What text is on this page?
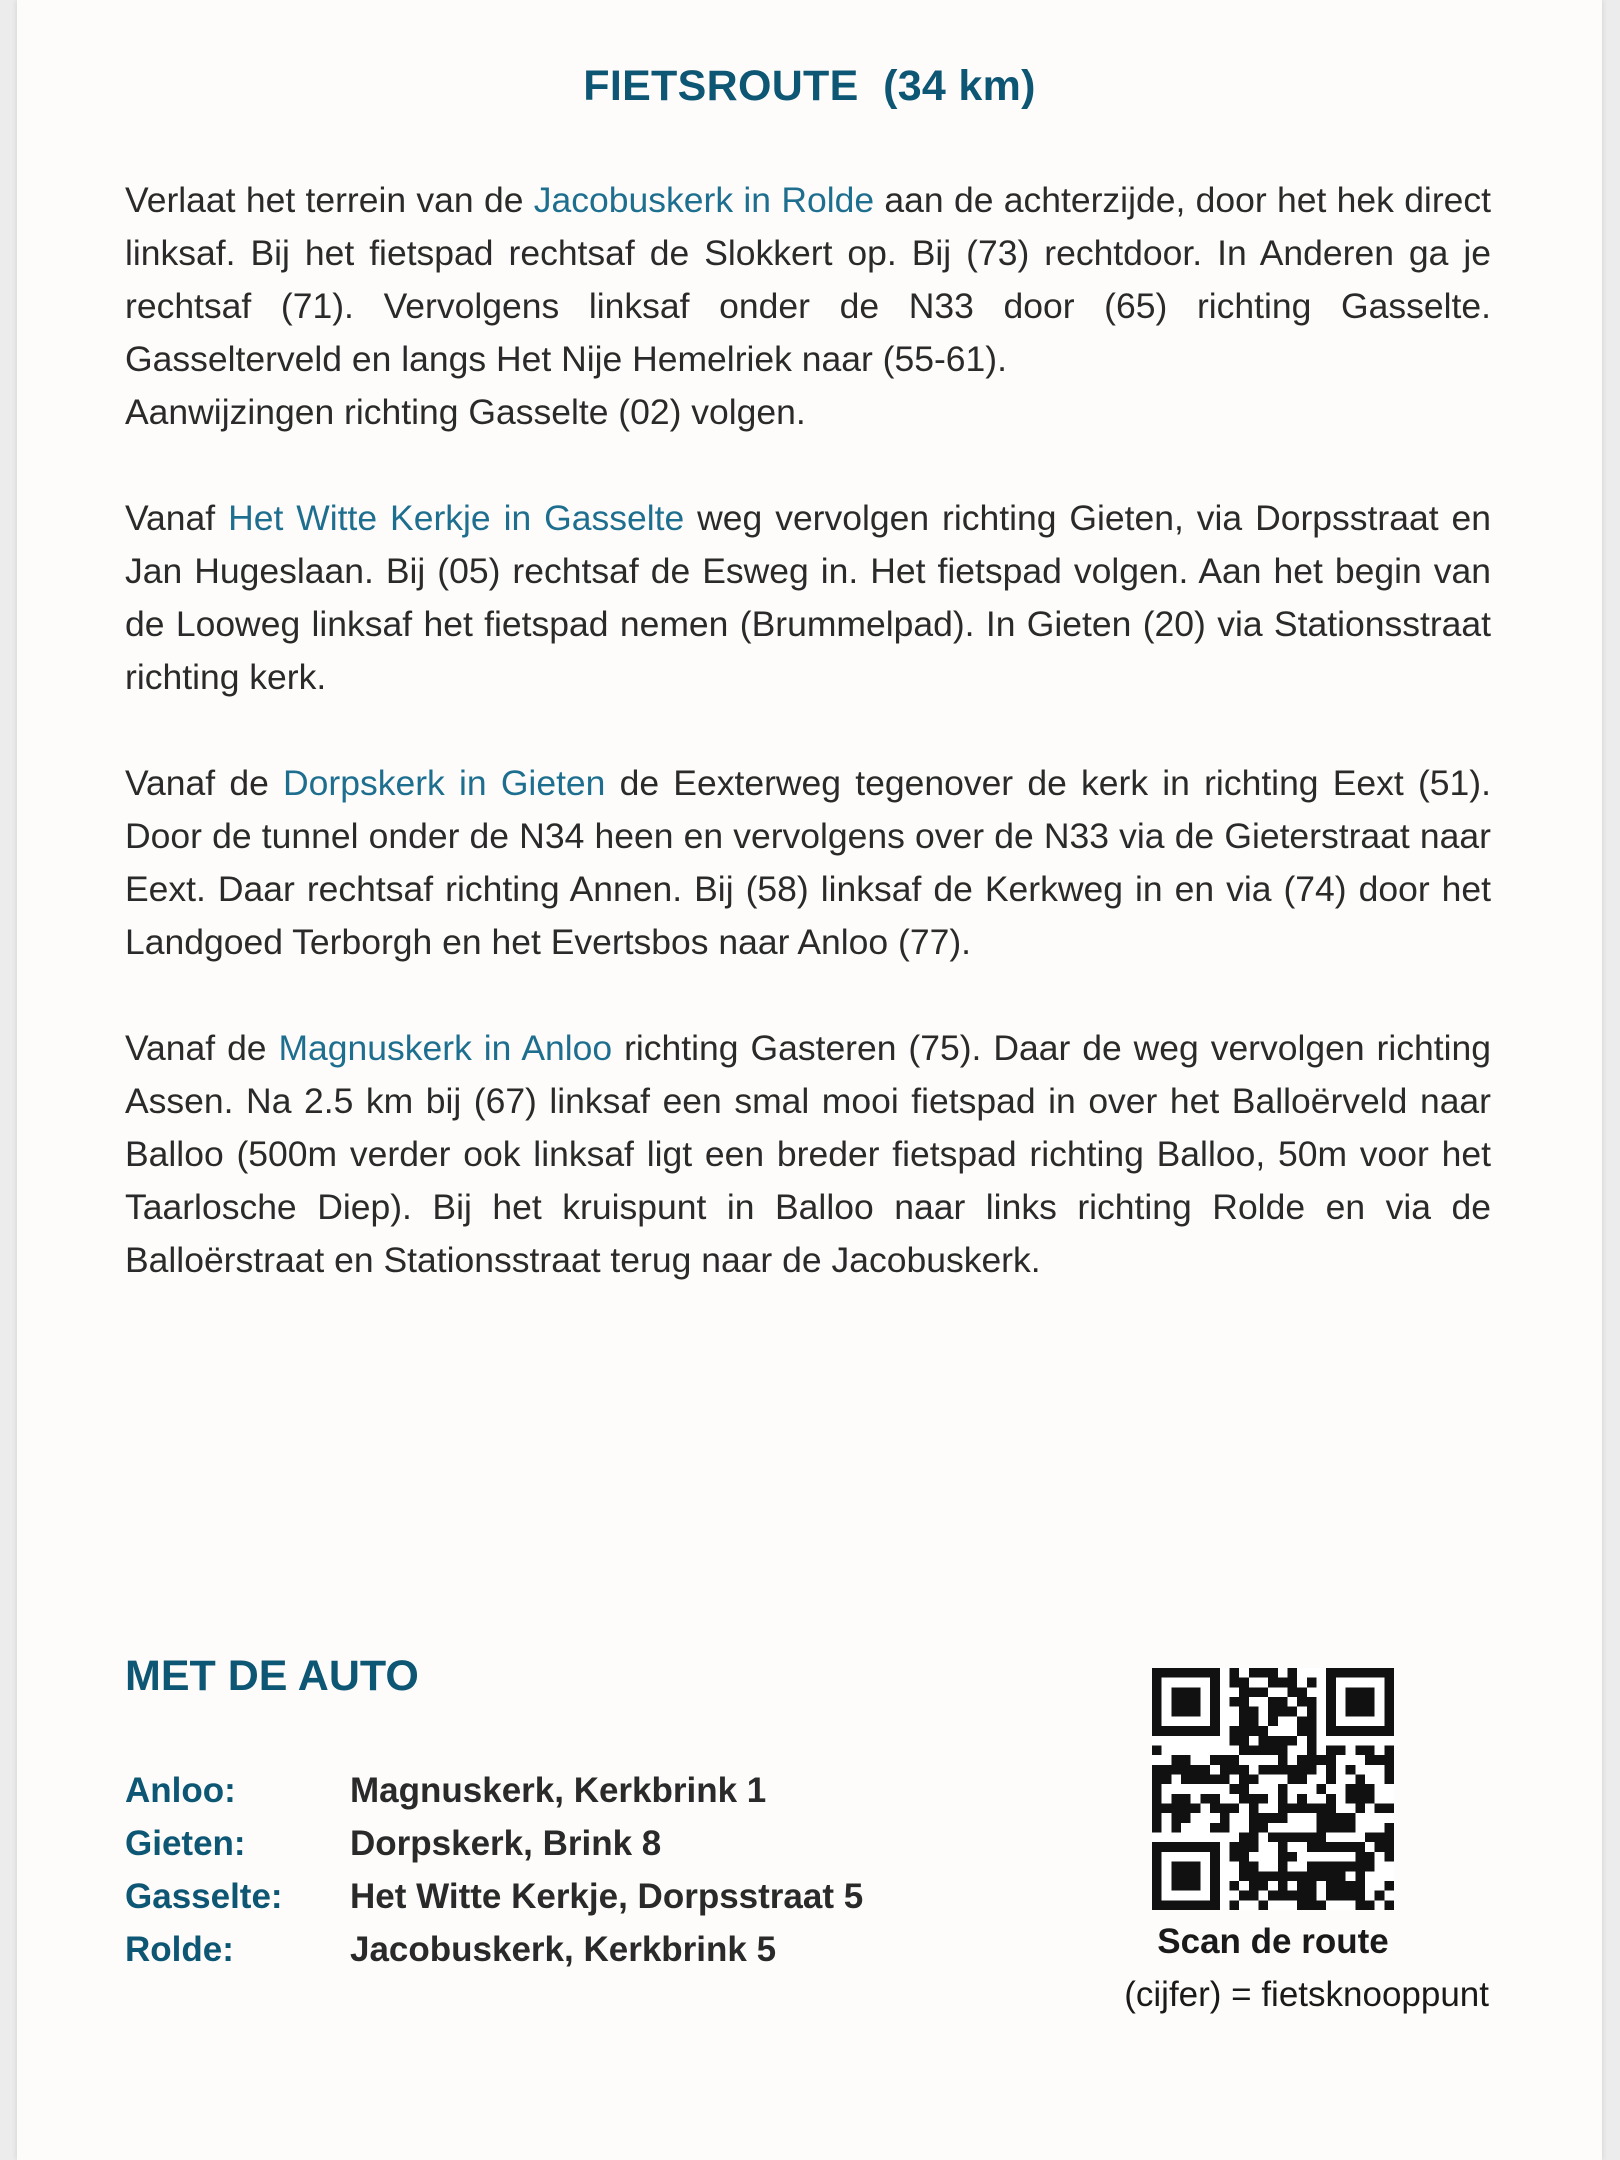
FIETSROUTE  (34 km)
Verlaat het terrein van de Jacobuskerk in Rolde aan de achterzijde, door het hek direct linksaf. Bij het fietspad rechtsaf de Slokkert op. Bij (73) rechtdoor. In Anderen ga je rechtsaf (71). Vervolgens linksaf onder de N33 door (65) richting Gasselte. Gasselterveld en langs Het Nije Hemelriek naar (55-61).
Aanwijzingen richting Gasselte (02) volgen.
Vanaf Het Witte Kerkje in Gasselte weg vervolgen richting Gieten, via Dorpsstraat en Jan Hugeslaan. Bij (05) rechtsaf de Esweg in. Het fietspad volgen. Aan het begin van de Looweg linksaf het fietspad nemen (Brummelpad). In Gieten (20) via Stationsstraat richting kerk.
Vanaf de Dorpskerk in Gieten de Eexterweg tegenover de kerk in richting Eext (51). Door de tunnel onder de N34 heen en vervolgens over de N33 via de Gieterstraat naar Eext. Daar rechtsaf richting Annen. Bij (58) linksaf de Kerkweg in en via (74) door het Landgoed Terborgh en het Evertsbos naar Anloo (77).
Vanaf de Magnuskerk in Anloo richting Gasteren (75). Daar de weg vervolgen richting Assen. Na 2.5 km bij (67) linksaf een smal mooi fietspad in over het Balloërveld naar Balloo (500m verder ook linksaf ligt een breder fietspad richting Balloo, 50m voor het Taarlosche Diep). Bij het kruispunt in Balloo naar links richting Rolde en via de Balloërstraat en Stationsstraat terug naar de Jacobuskerk.
MET DE AUTO
Anloo:	Magnuskerk, Kerkbrink 1
Gieten:	Dorpskerk, Brink 8
Gasselte:	Het Witte Kerkje, Dorpsstraat 5
Rolde:	Jacobuskerk, Kerkbrink 5	Scan de route
(cijfer) = fietsknooppunt
